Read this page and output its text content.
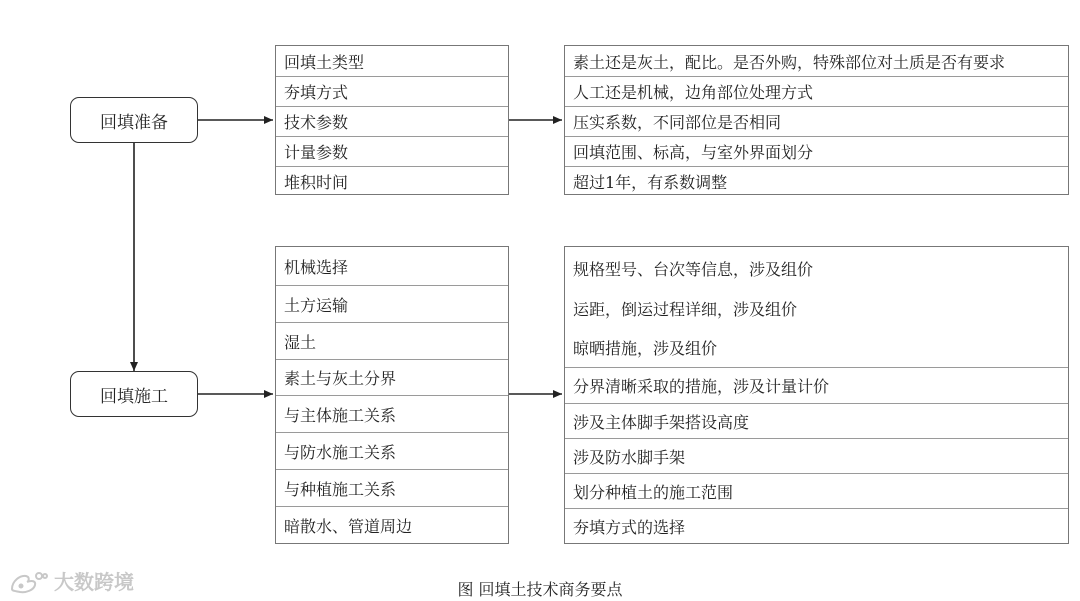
回填准备
回填施工
回填土类型
夯填方式
技术参数
计量参数
堆积时间
素土还是灰土，配比。是否外购，特殊部位对土质是否有要求
人工还是机械，边角部位处理方式
压实系数，不同部位是否相同
回填范围、标高，与室外界面划分
超过1年，有系数调整
机械选择
土方运输
湿土
素土与灰土分界
与主体施工关系
与防水施工关系
与种植施工关系
暗散水、管道周边
规格型号、台次等信息，涉及组价
运距，倒运过程详细，涉及组价
晾晒措施，涉及组价
分界清晰采取的措施，涉及计量计价
涉及主体脚手架搭设高度
涉及防水脚手架
划分种植土的施工范围
夯填方式的选择
图 回填土技术商务要点
大数跨境
